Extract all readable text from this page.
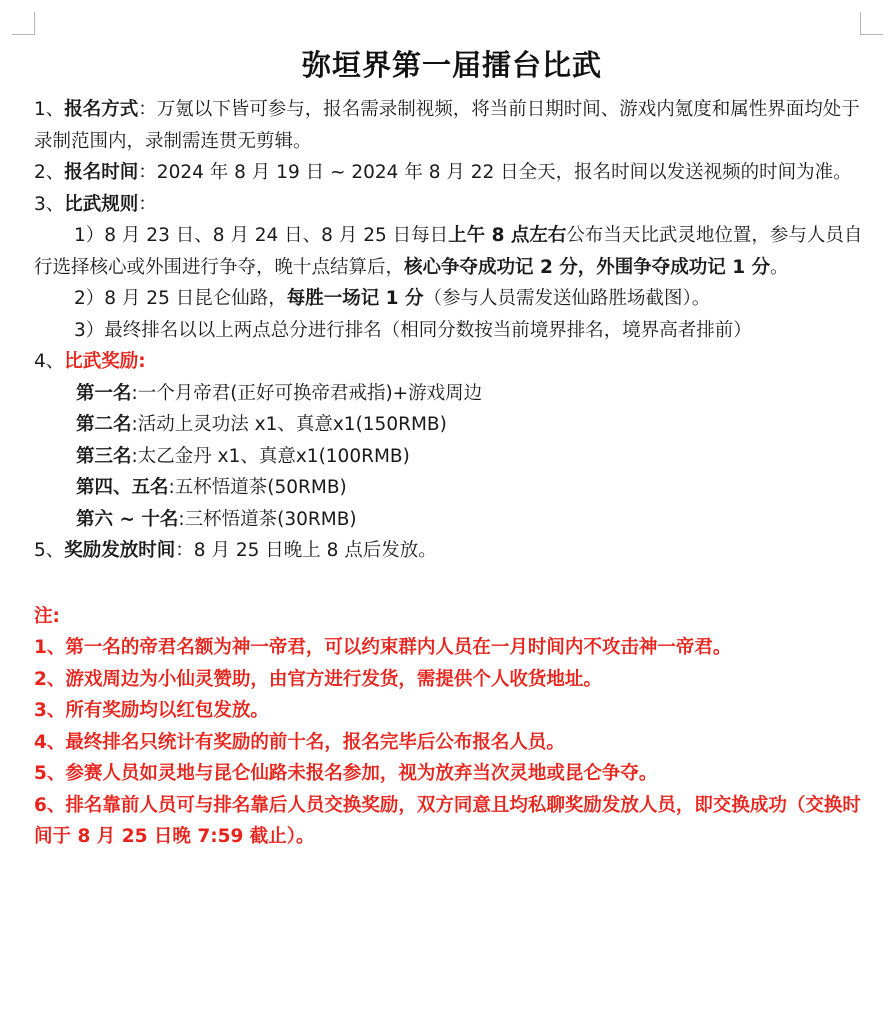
弥垣界第一届擂台比武

1、报名方式：万氪以下皆可参与，报名需录制视频，将当前日期时间、游戏内氪度和属性界面均处于录制范围内，录制需连贯无剪辑。

2、报名时间：2024 年 8 月 19 日 ~ 2024 年 8 月 22 日全天，报名时间以发送视频的时间为准。

3、比武规则：

1）8 月 23 日、8 月 24 日、8 月 25 日每日上午 8 点左右公布当天比武灵地位置，参与人员自行选择核心或外围进行争夺，晚十点结算后，核心争夺成功记 2 分，外围争夺成功记 1 分。

2）8 月 25 日昆仑仙路，每胜一场记 1 分（参与人员需发送仙路胜场截图）。

3）最终排名以以上两点总分进行排名（相同分数按当前境界排名，境界高者排前）

4、比武奖励:

第一名:一个月帝君(正好可换帝君戒指)+游戏周边

第二名:活动上灵功法 x1、真意x1(150RMB)

第三名:太乙金丹 x1、真意x1(100RMB)

第四、五名:五杯悟道茶(50RMB)

第六 ~ 十名:三杯悟道茶(30RMB)

5、奖励发放时间：8 月 25 日晚上 8 点后发放。

注:

1、第一名的帝君名额为神一帝君，可以约束群内人员在一月时间内不攻击神一帝君。

2、游戏周边为小仙灵赞助，由官方进行发货，需提供个人收货地址。

3、所有奖励均以红包发放。

4、最终排名只统计有奖励的前十名，报名完毕后公布报名人员。

5、参赛人员如灵地与昆仑仙路未报名参加，视为放弃当次灵地或昆仑争夺。

6、排名靠前人员可与排名靠后人员交换奖励，双方同意且均私聊奖励发放人员，即交换成功（交换时间于 8 月 25 日晚 7:59 截止）。
